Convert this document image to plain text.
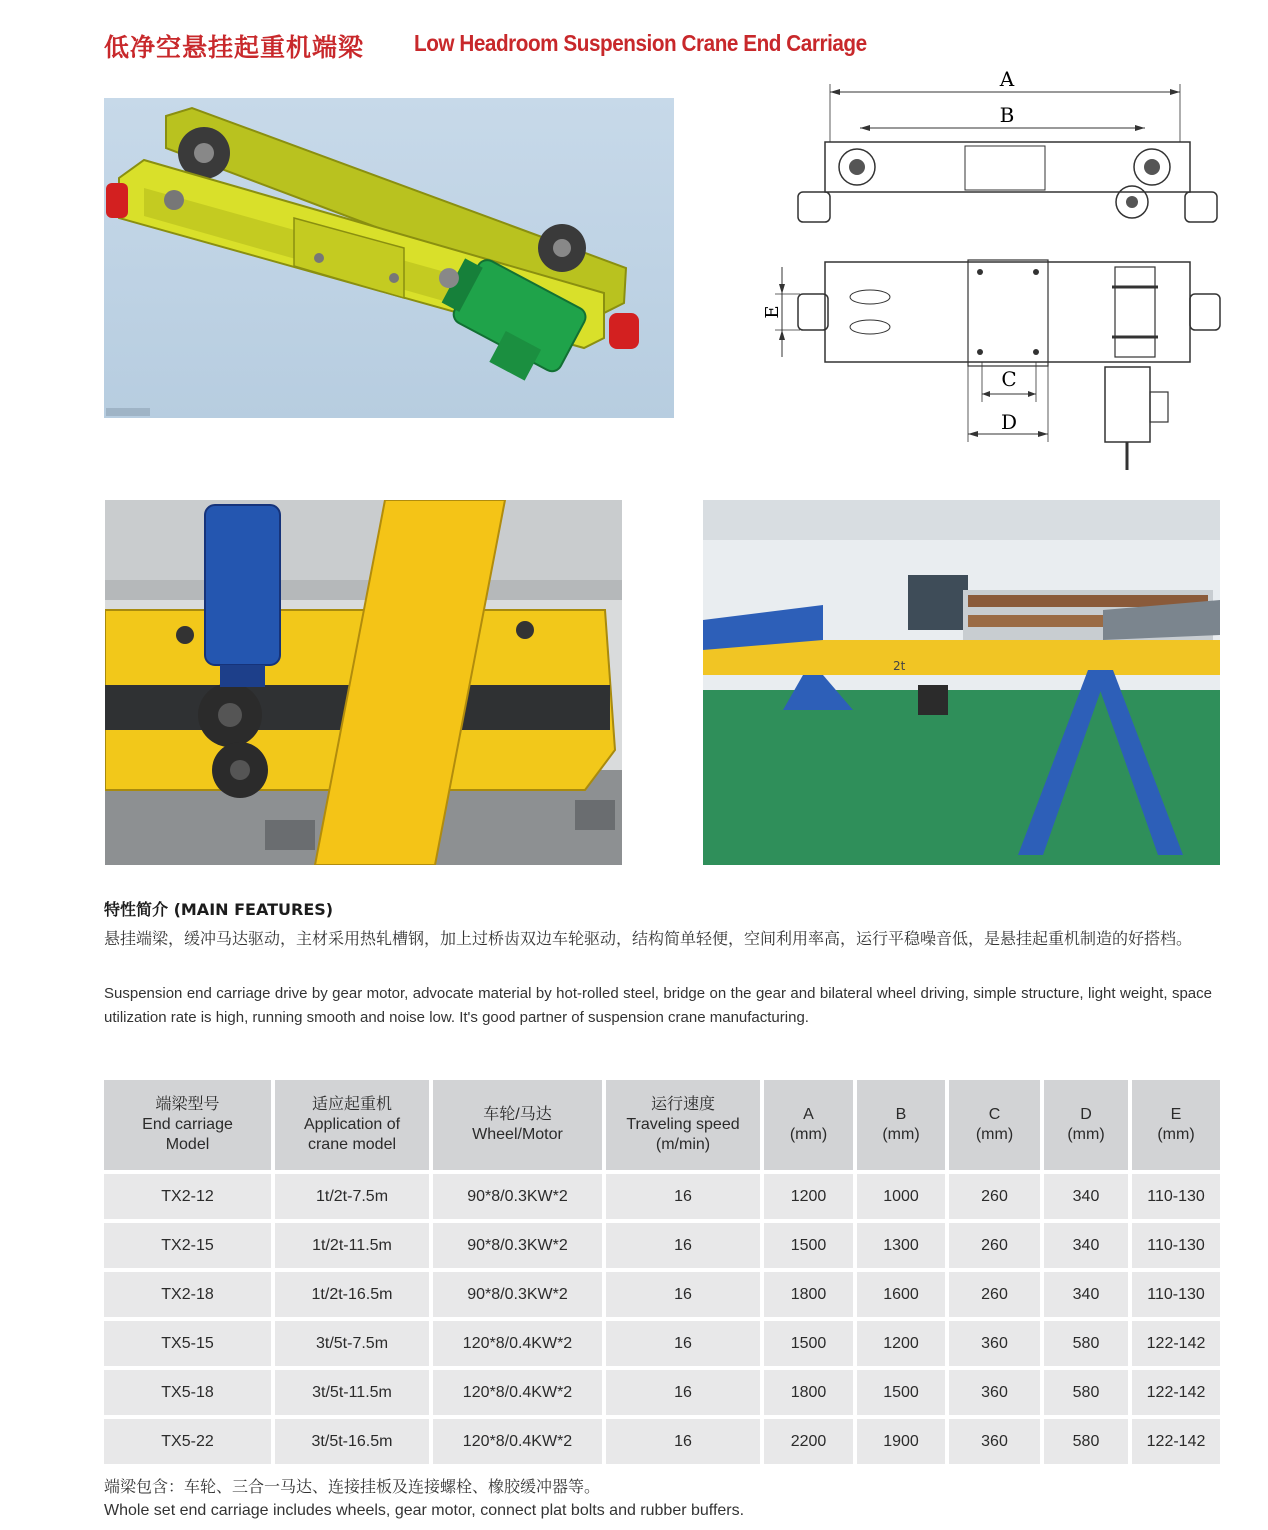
低净空悬挂起重机端梁 Low Headroom Suspension Crane End Carriage
A
B
E
C
D
2t
特性简介 (MAIN FEATURES)
悬挂端梁，缓冲马达驱动，主材采用热轧槽钢，加上过桥齿双边车轮驱动，结构简单轻便，空间利用率高，运行平稳噪音低，是悬挂起重机制造的好搭档。
Suspension end carriage drive by gear motor, advocate material by hot-rolled steel, bridge on the gear and bilateral wheel driving, simple structure, light weight, space utilization rate is high, running smooth and noise low. It's good partner of suspension crane manufacturing.
端梁型号
End carriage
Model	适应起重机
Application of
crane model	车轮/马达
Wheel/Motor	运行速度
Traveling speed
(m/min)	A
(mm)	B
(mm)	C
(mm)	D
(mm)	E
(mm)

TX2-12	1t/2t-7.5m	90*8/0.3KW*2	16	1200	1000	260	340	110-130
TX2-15	1t/2t-11.5m	90*8/0.3KW*2	16	1500	1300	260	340	110-130
TX2-18	1t/2t-16.5m	90*8/0.3KW*2	16	1800	1600	260	340	110-130
TX5-15	3t/5t-7.5m	120*8/0.4KW*2	16	1500	1200	360	580	122-142
TX5-18	3t/5t-11.5m	120*8/0.4KW*2	16	1800	1500	360	580	122-142
TX5-22	3t/5t-16.5m	120*8/0.4KW*2	16	2200	1900	360	580	122-142
端梁包含：车轮、三合一马达、连接挂板及连接螺栓、橡胶缓冲器等。
Whole set end carriage includes wheels, gear motor, connect plat bolts and rubber buffers.
